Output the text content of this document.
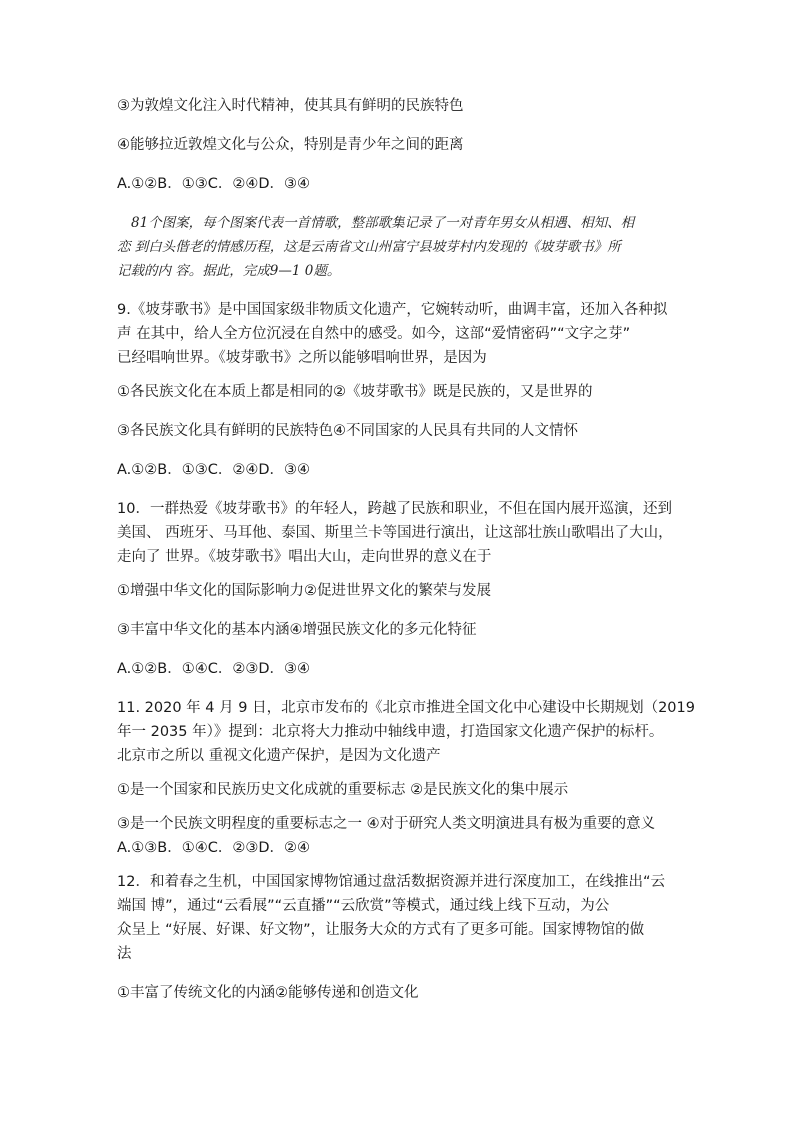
③为敦煌文化注入时代精神，使其具有鲜明的民族特色

④能够拉近敦煌文化与公众，特别是青少年之间的距离

A.①②B．①③C．②④D．③④

81个图案，每个图案代表一首情歌，整部歌集记录了一对青年男女从相遇、相知、相

恋 到白头偕老的情感历程，这是云南省文山州富宁县坡芽村内发现的《坡芽歌书》所

记载的内 容。据此，完成9—1 0题。

9.《坡芽歌书》是中国国家级非物质文化遗产，它婉转动听，曲调丰富，还加入各种拟

声 在其中，给人全方位沉浸在自然中的感受。如今，这部“爱情密码”“文字之芽”

已经唱响世界。《坡芽歌书》之所以能够唱响世界，是因为

①各民族文化在本质上都是相同的②《坡芽歌书》既是民族的，又是世界的

③各民族文化具有鲜明的民族特色④不同国家的人民具有共同的人文情怀

A.①②B．①③C．②④D．③④

10．一群热爱《坡芽歌书》的年轻人，跨越了民族和职业，不但在国内展开巡演，还到

美国、 西班牙、马耳他、泰国、斯里兰卡等国进行演出，让这部壮族山歌唱出了大山，

走向了 世界。《坡芽歌书》唱出大山，走向世界的意义在于

①增强中华文化的国际影响力②促进世界文化的繁荣与发展

③丰富中华文化的基本内涵④增强民族文化的多元化特征

A.①②B．①④C．②③D．③④

11. 2020 年 4 月 9 日，北京市发布的《北京市推进全国文化中心建设中长期规划（2019

年一 2035 年）》提到：北京将大力推动中轴线申遗，打造国家文化遗产保护的标杆。

北京市之所以 重视文化遗产保护，是因为文化遗产

①是一个国家和民族历史文化成就的重要标志 ②是民族文化的集中展示

③是一个民族文明程度的重要标志之一 ④对于研究人类文明演进具有极为重要的意义

A.①③B．①④C．②③D．②④

12．和着春之生机，中国国家博物馆通过盘活数据资源并进行深度加工，在线推出“云

端国 博”，通过“云看展”“云直播”“云欣赏”等模式，通过线上线下互动，为公

众呈上 “好展、好课、好文物”，让服务大众的方式有了更多可能。国家博物馆的做

法

①丰富了传统文化的内涵②能够传递和创造文化
